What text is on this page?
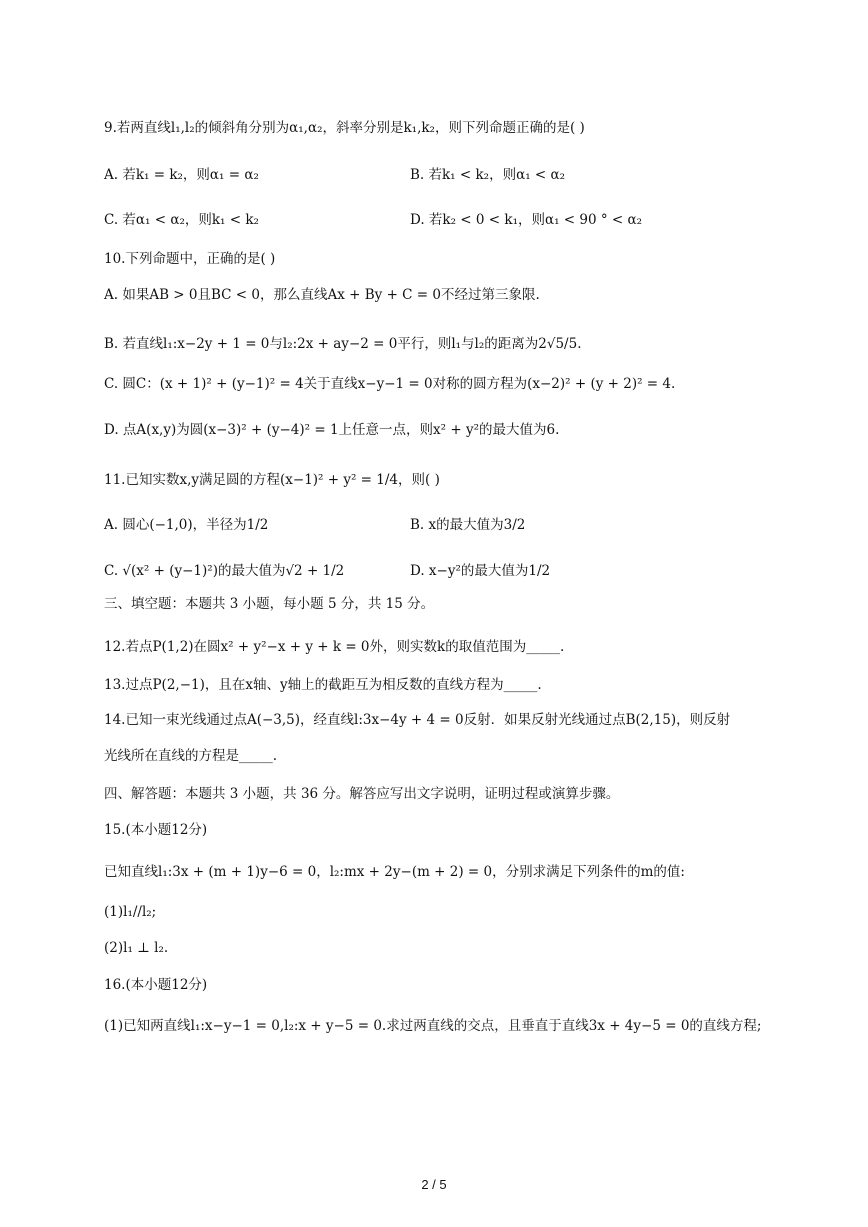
9.若两直线l₁,l₂的倾斜角分别为α₁,α₂，斜率分别是k₁,k₂，则下列命题正确的是( )
A. 若k₁ = k₂，则α₁ = α₂	B. 若k₁ < k₂，则α₁ < α₂
C. 若α₁ < α₂，则k₁ < k₂	D. 若k₂ < 0 < k₁，则α₁ < 90 ° < α₂
10.下列命题中，正确的是( )
A. 如果AB > 0且BC < 0，那么直线Ax + By + C = 0不经过第三象限.
B. 若直线l₁:x−2y + 1 = 0与l₂:2x + ay−2 = 0平行，则l₁与l₂的距离为2√5/5.
C. 圆C：(x + 1)² + (y−1)² = 4关于直线x−y−1 = 0对称的圆方程为(x−2)² + (y + 2)² = 4.
D. 点A(x,y)为圆(x−3)² + (y−4)² = 1上任意一点，则x² + y²的最大值为6.
11.已知实数x,y满足圆的方程(x−1)² + y² = 1/4，则( )
A. 圆心(−1,0)，半径为1/2	B. x的最大值为3/2
C. √(x² + (y−1)²)的最大值为√2 + 1/2	D. x−y²的最大值为1/2
三、填空题：本题共 3 小题，每小题 5 分，共 15 分。
12.若点P(1,2)在圆x² + y²−x + y + k = 0外，则实数k的取值范围为_____.
13.过点P(2,−1)，且在x轴、y轴上的截距互为相反数的直线方程为_____.
14.已知一束光线通过点A(−3,5)，经直线l:3x−4y + 4 = 0反射．如果反射光线通过点B(2,15)，则反射
光线所在直线的方程是_____.
四、解答题：本题共 3 小题，共 36 分。解答应写出文字说明，证明过程或演算步骤。
15.(本小题12分)
已知直线l₁:3x + (m + 1)y−6 = 0，l₂:mx + 2y−(m + 2) = 0，分别求满足下列条件的m的值:
(1)l₁//l₂;
(2)l₁ ⊥ l₂.
16.(本小题12分)
(1)已知两直线l₁:x−y−1 = 0,l₂:x + y−5 = 0.求过两直线的交点，且垂直于直线3x + 4y−5 = 0的直线方程;
2 / 5
